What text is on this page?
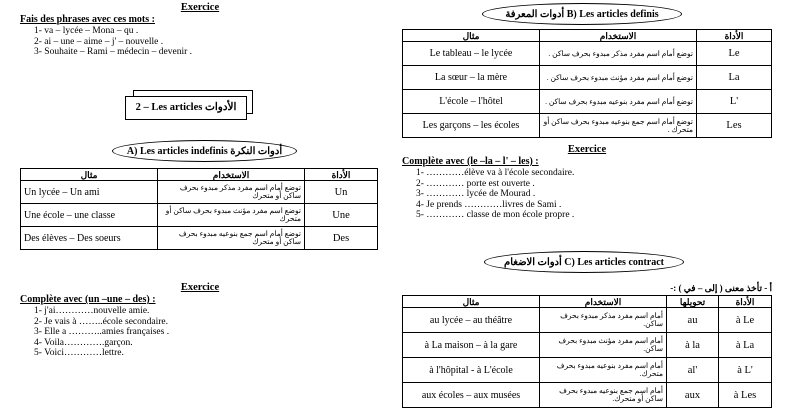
Exercice
Fais des phrases avec ces mots :
1- va – lycée – Mona – qu .
2- ai – une – aime – j' – nouvelle .
3- Souhaite – Rami – médecin – devenir .
2 – Les articles الأدوات
A) Les articles indefinis أدوات النكرة
مثال	الاستخدام	الأداة
Un lycée – Un ami	توضع أمام اسم مفرد مذكر مبدوء بحرف ساكن أو متحرك	Un
Une école – une classe	توضع اسم مفرد مؤنث مبدوء بحرف ساكن أو متحرك	Une
Des élèves – Des soeurs	توضع أمام اسم جمع بنوعيه مبدوء بحرف ساكن أو متحرك	Des
Exercice
Complète avec (un –une – des) :
1- j'ai…………nouvelle amie.
2- Je vais à ……..école secondaire.
3- Elle a ………..amies françaises .
4- Voila………….garçon.
5- Voici…………lettre.
أدوات المعرفة B) Les articles definis
مثال	الاستخدام	الأداة
Le tableau – le lycée	توضع أمام اسم مفرد مذكر مبدوء بحرف ساكن .	Le
La sœur – la mère	توضع أمام اسم مفرد مؤنث مبدوء بحرف ساكن .	La
L'école – l'hôtel	توضع أمام اسم مفرد بنوعيه مبدوء بحرف ساكن .	L'
Les garçons – les écoles	توضع أمام اسم جمع بنوعيه مبدوء بحرف ساكن أو متحرك .	Les
Exercice
Complète avec (le –la – l' – les) :
1- …………élève va à l'école secondaire.
2- ………… porte est ouverte .
3- ………… lycée de Mourad .
4- Je prends …………livres de Sami .
5- ………… classe de mon école propre .
أدوات الاضغام C) Les articles contract
أ - تأخذ معنى ( إلى – في ) :-
مثال	الاستخدام	تحويلها	الأداة
au lycée – au théâtre	أمام اسم مفرد مذكر مبدوء بحرف ساكن.	au	à Le
à La maison – à la gare	أمام اسم مفرد مؤنث مبدوء بحرف ساكن.	à la	à La
à l'hôpital - à L'école	أمام اسم مفرد بنوعيه مبدوء بحرف متحرك.	al'	à L'
aux écoles – aux musées	أمام اسم جمع بنوعيه مبدوء بحرف ساكن أو متحرك.	aux	à Les
